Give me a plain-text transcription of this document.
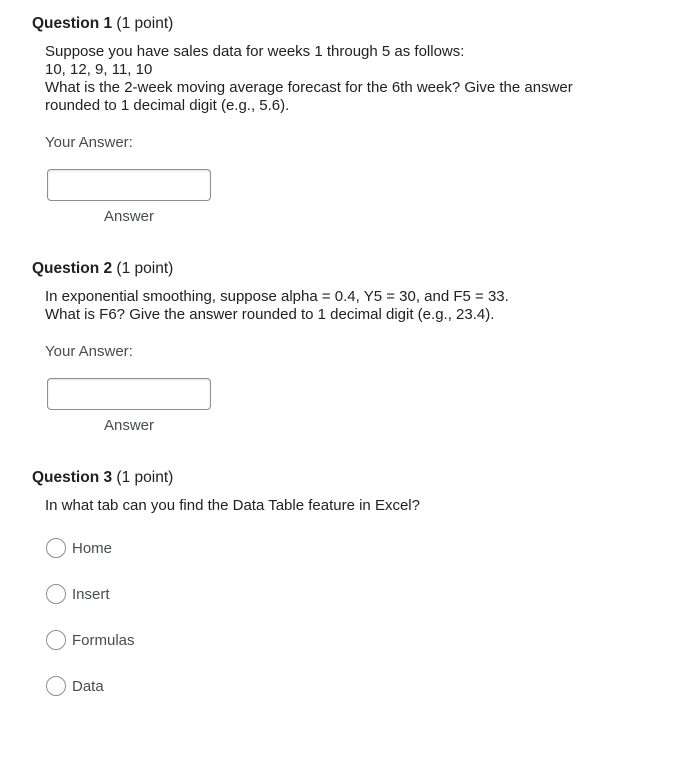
Question 1 (1 point)

Suppose you have sales data for weeks 1 through 5 as follows:

10, 12, 9, 11, 10

What is the 2-week moving average forecast for the 6th week? Give the answer

rounded to 1 decimal digit (e.g., 5.6).

Your Answer:
Answer
Question 2 (1 point)

In exponential smoothing, suppose alpha = 0.4, Y5 = 30, and F5 = 33.

What is F6? Give the answer rounded to 1 decimal digit (e.g., 23.4).

Your Answer:
Answer
Question 3 (1 point)

In what tab can you find the Data Table feature in Excel?

Home
Insert
Formulas
Data
